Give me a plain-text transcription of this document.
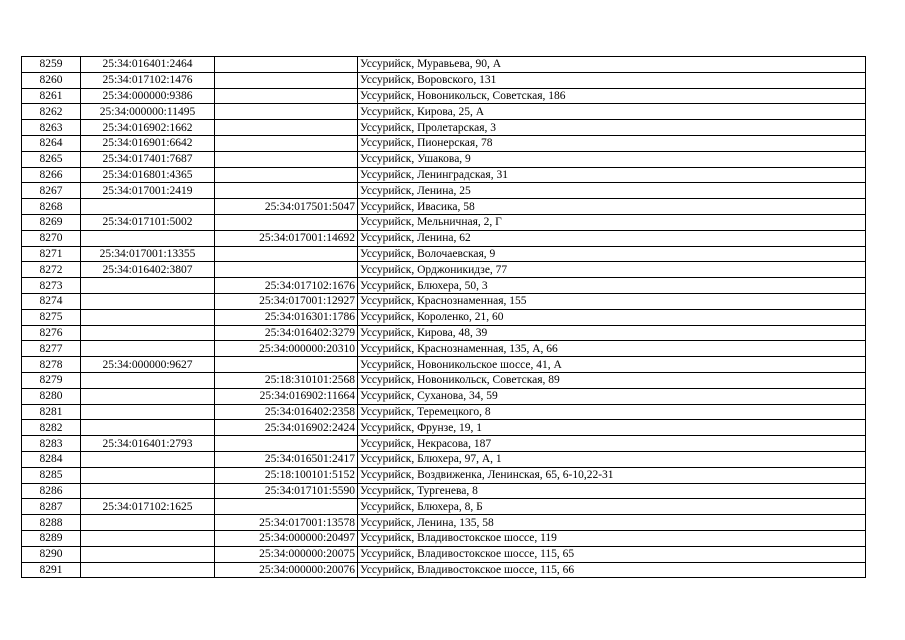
8259	25:34:016401:2464		Уссурийск, Муравьева, 90, А
8260	25:34:017102:1476		Уссурийск, Воровского, 131
8261	25:34:000000:9386		Уссурийск, Новоникольск, Советская, 186
8262	25:34:000000:11495		Уссурийск, Кирова, 25, А
8263	25:34:016902:1662		Уссурийск, Пролетарская, 3
8264	25:34:016901:6642		Уссурийск, Пионерская, 78
8265	25:34:017401:7687		Уссурийск, Ушакова, 9
8266	25:34:016801:4365		Уссурийск, Ленинградская, 31
8267	25:34:017001:2419		Уссурийск, Ленина, 25
8268		25:34:017501:5047	Уссурийск, Ивасика, 58
8269	25:34:017101:5002		Уссурийск, Мельничная, 2, Г
8270		25:34:017001:14692	Уссурийск, Ленина, 62
8271	25:34:017001:13355		Уссурийск, Волочаевская, 9
8272	25:34:016402:3807		Уссурийск, Орджоникидзе, 77
8273		25:34:017102:1676	Уссурийск, Блюхера, 50, 3
8274		25:34:017001:12927	Уссурийск, Краснознаменная, 155
8275		25:34:016301:1786	Уссурийск, Короленко, 21, 60
8276		25:34:016402:3279	Уссурийск, Кирова, 48, 39
8277		25:34:000000:20310	Уссурийск, Краснознаменная, 135, А, 66
8278	25:34:000000:9627		Уссурийск, Новоникольское шоссе, 41, А
8279		25:18:310101:2568	Уссурийск, Новоникольск, Советская, 89
8280		25:34:016902:11664	Уссурийск, Суханова, 34, 59
8281		25:34:016402:2358	Уссурийск, Теремецкого, 8
8282		25:34:016902:2424	Уссурийск, Фрунзе, 19, 1
8283	25:34:016401:2793		Уссурийск, Некрасова, 187
8284		25:34:016501:2417	Уссурийск, Блюхера, 97, А, 1
8285		25:18:100101:5152	Уссурийск, Воздвиженка, Ленинская, 65, 6-10,22-31
8286		25:34:017101:5590	Уссурийск, Тургенева, 8
8287	25:34:017102:1625		Уссурийск, Блюхера, 8, Б
8288		25:34:017001:13578	Уссурийск, Ленина, 135, 58
8289		25:34:000000:20497	Уссурийск, Владивостокское шоссе, 119
8290		25:34:000000:20075	Уссурийск, Владивостокское шоссе, 115, 65
8291		25:34:000000:20076	Уссурийск, Владивостокское шоссе, 115, 66
